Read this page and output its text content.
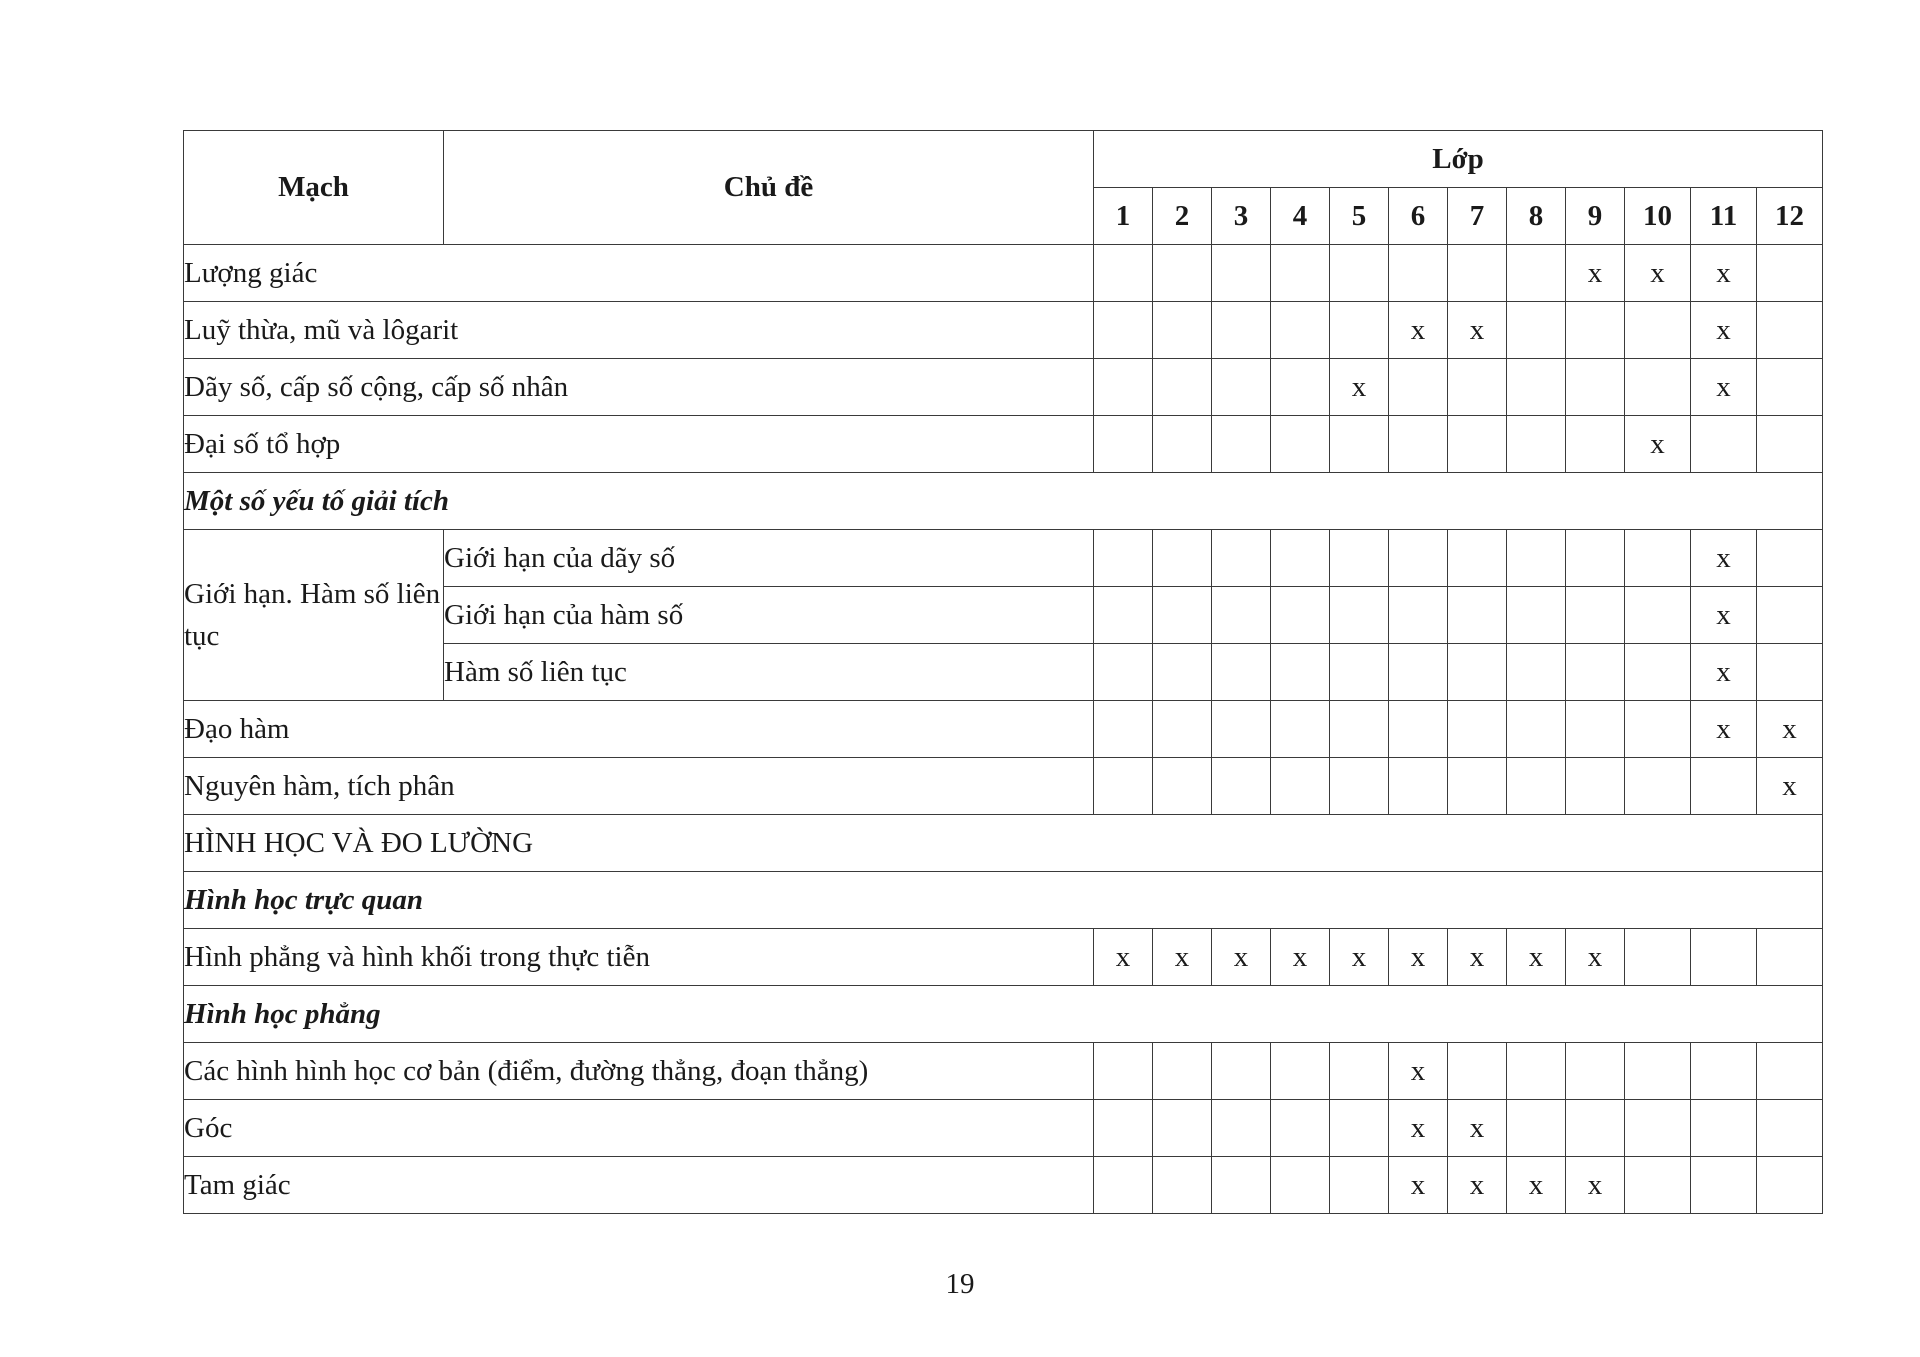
Mạch	Chủ đề	Lớp											
		1	2	3	4	5	6	7	8	9	10	11	12
Lượng giác										x	x	x	
Luỹ thừa, mũ và lôgarit							x	x				x	
Dãy số, cấp số cộng, cấp số nhân						x						x	
Đại số tổ hợp											x		
Một số yếu tố giải tích													
Giới hạn. Hàm số liên tục	Giới hạn của dãy số											x	
	Giới hạn của hàm số											x	
	Hàm số liên tục											x	
Đạo hàm												x	x
Nguyên hàm, tích phân													x
HÌNH HỌC VÀ ĐO LƯỜNG													
Hình học trực quan													
Hình phẳng và hình khối trong thực tiễn		x	x	x	x	x	x	x	x	x			
Hình học phẳng													
Các hình hình học cơ bản (điểm, đường thẳng, đoạn thẳng)							x						
Góc							x	x					
Tam giác							x	x	x	x			
19
